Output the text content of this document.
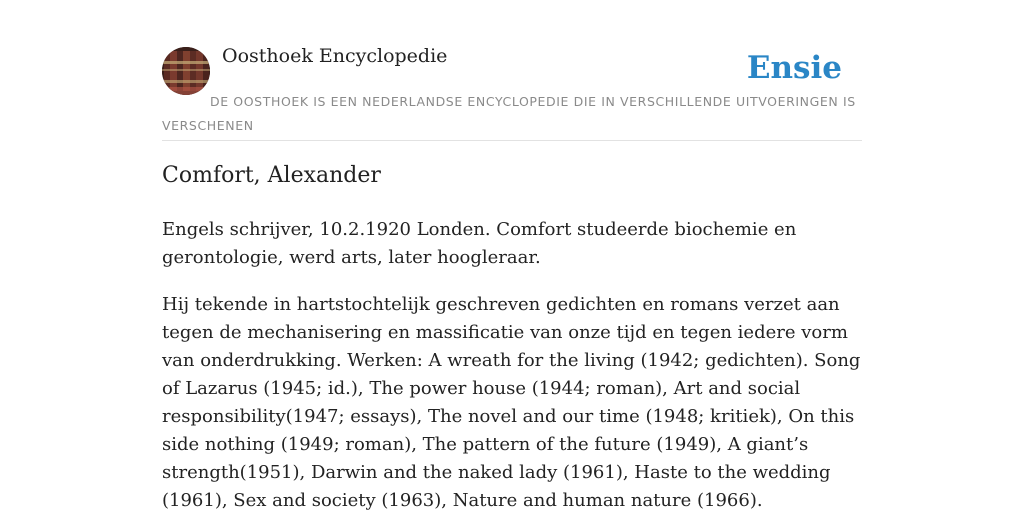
Oosthoek Encyclopedie	Ensie
DE OOSTHOEK IS EEN NEDERLANDSE ENCYCLOPEDIE DIE IN VERSCHILLENDE UITVOERINGEN IS VERSCHENEN
Comfort, Alexander

Engels schrijver, 10.2.1920 Londen. Comfort studeerde biochemie en gerontologie, werd arts, later hoogleraar.

Hij tekende in hartstochtelijk geschreven gedichten en romans verzet aan tegen de mechanisering en massificatie van onze tijd en tegen iedere vorm van onderdrukking. Werken: A wreath for the living (1942; gedichten). Song of Lazarus (1945; id.), The power house (1944; roman), Art and social responsibility(1947; essays), The novel and our time (1948; kritiek), On this side nothing (1949; roman), The pattern of the future (1949), A giant’s strength(1951), Darwin and the naked lady (1961), Haste to the wedding (1961), Sex and society (1963), Nature and human nature (1966).
